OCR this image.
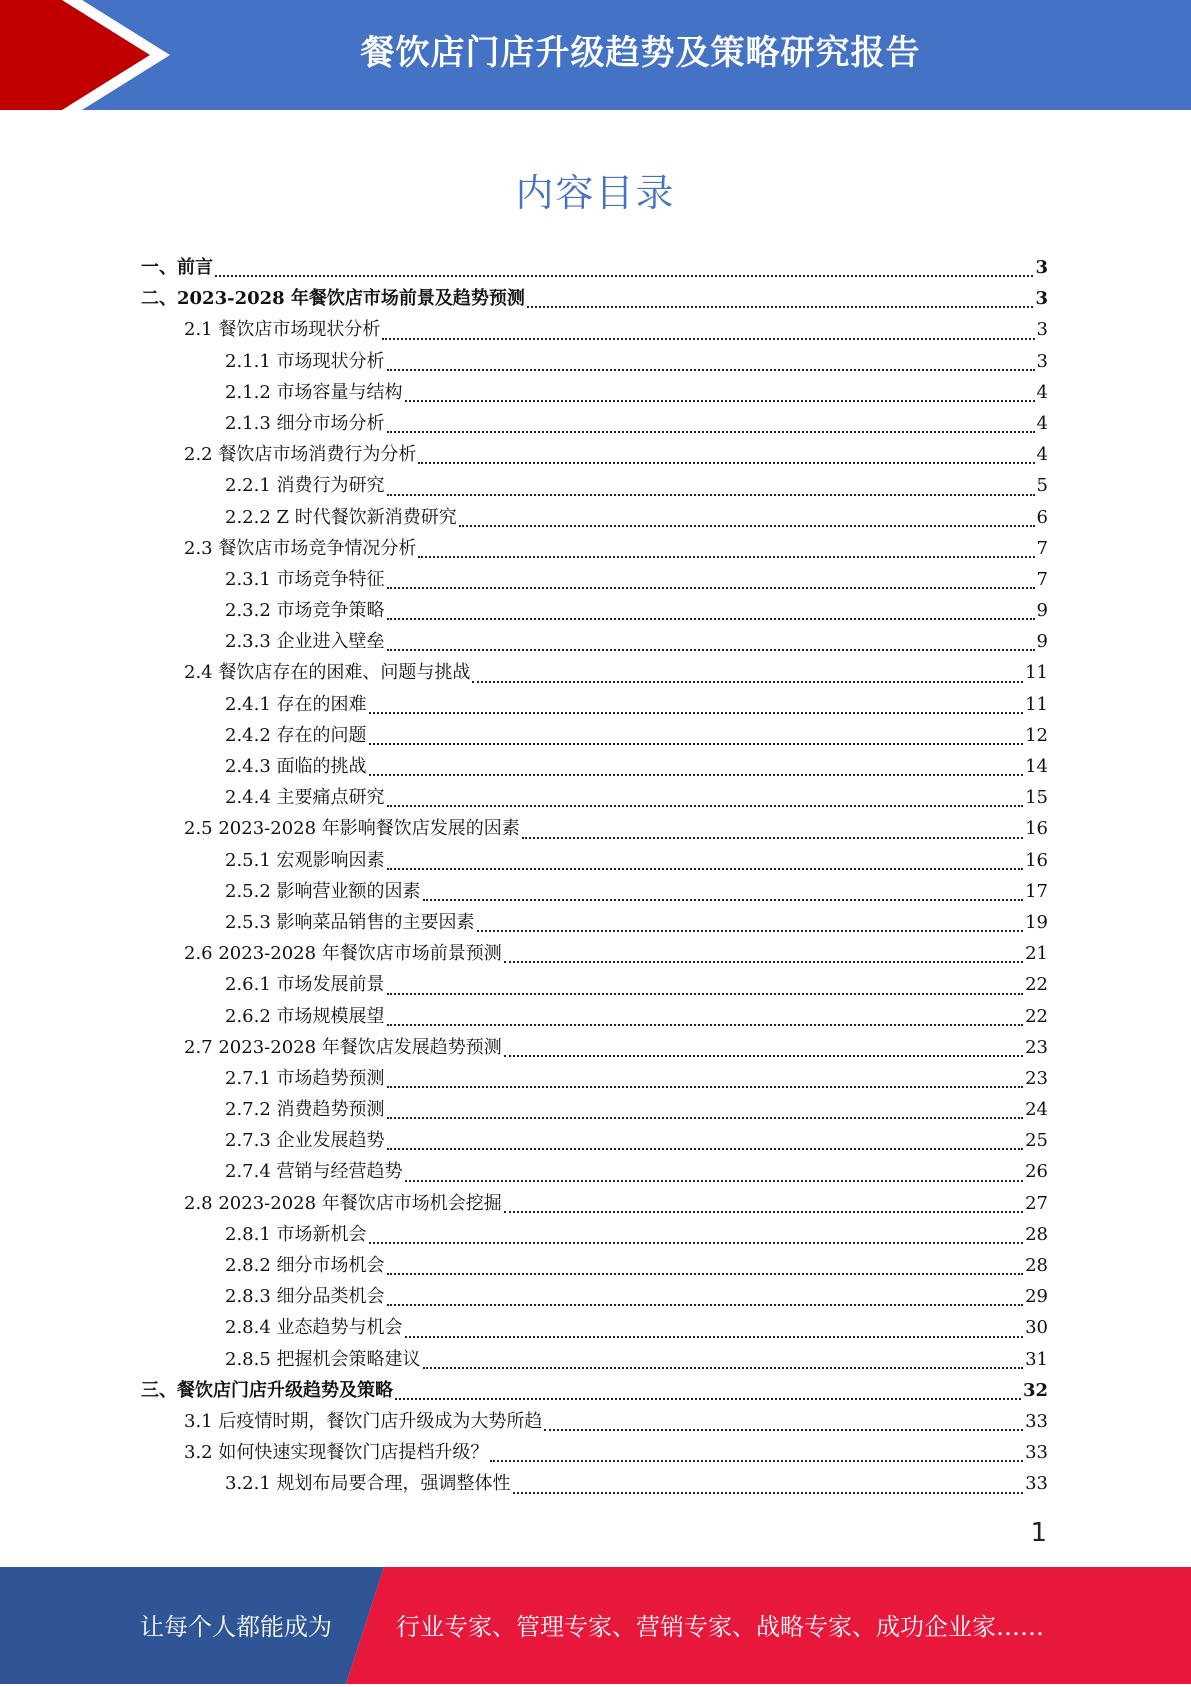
餐饮店门店升级趋势及策略研究报告
内容目录
一、前言	3
二、2023-2028 年餐饮店市场前景及趋势预测	3
2.1 餐饮店市场现状分析	3
2.1.1 市场现状分析	3
2.1.2 市场容量与结构	4
2.1.3 细分市场分析	4
2.2 餐饮店市场消费行为分析	4
2.2.1 消费行为研究	5
2.2.2 Z 时代餐饮新消费研究	6
2.3 餐饮店市场竞争情况分析	7
2.3.1 市场竞争特征	7
2.3.2 市场竞争策略	9
2.3.3 企业进入壁垒	9
2.4 餐饮店存在的困难、问题与挑战	11
2.4.1 存在的困难	11
2.4.2 存在的问题	12
2.4.3 面临的挑战	14
2.4.4 主要痛点研究	15
2.5 2023-2028 年影响餐饮店发展的因素	16
2.5.1 宏观影响因素	16
2.5.2 影响营业额的因素	17
2.5.3 影响菜品销售的主要因素	19
2.6 2023-2028 年餐饮店市场前景预测	21
2.6.1 市场发展前景	22
2.6.2 市场规模展望	22
2.7 2023-2028 年餐饮店发展趋势预测	23
2.7.1 市场趋势预测	23
2.7.2 消费趋势预测	24
2.7.3 企业发展趋势	25
2.7.4 营销与经营趋势	26
2.8 2023-2028 年餐饮店市场机会挖掘	27
2.8.1 市场新机会	28
2.8.2 细分市场机会	28
2.8.3 细分品类机会	29
2.8.4 业态趋势与机会	30
2.8.5 把握机会策略建议	31
三、餐饮店门店升级趋势及策略	32
3.1 后疫情时期，餐饮门店升级成为大势所趋	33
3.2 如何快速实现餐饮门店提档升级？	33
3.2.1 规划布局要合理，强调整体性	33
1
让每个人都能成为	行业专家、管理专家、营销专家、战略专家、成功企业家……
